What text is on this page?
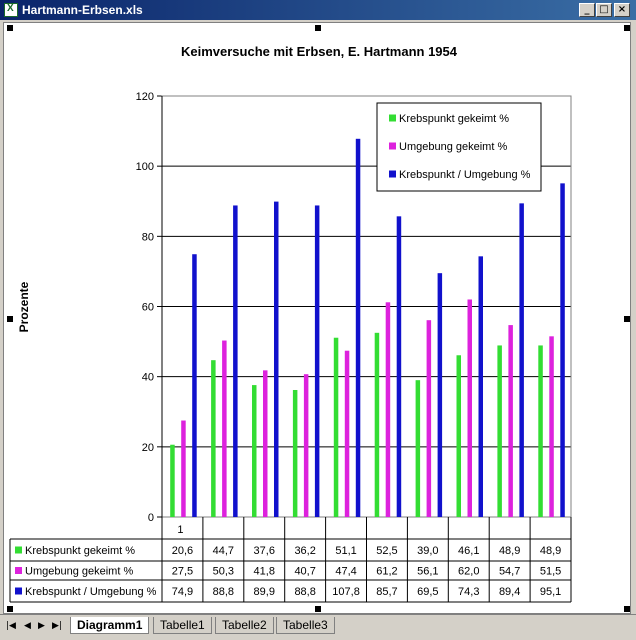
X
Hartmann-Erbsen.xls	_ □ ×
Keimversuche mit Erbsen, E. Hartmann 1954
Prozente
0
20
40
60
80
100
120
1
Krebspunkt gekeimt %	20,6 44,7 37,6 36,2 51,1 52,5 39,0 46,1 48,9 48,9
Umgebung gekeimt %	27,5 50,3 41,8 40,7 47,4 61,2 56,1 62,0 54,7 51,5
Krebspunkt / Umgebung % 74,9 88,8 89,9 88,8 107,8 85,7 69,5 74,3 89,4 95,1
Krebspunkt gekeimt %
Umgebung gekeimt %
Krebspunkt / Umgebung %
|◀ ◀ ▶ ▶|	Diagramm1	Tabelle1	Tabelle2	Tabelle3
